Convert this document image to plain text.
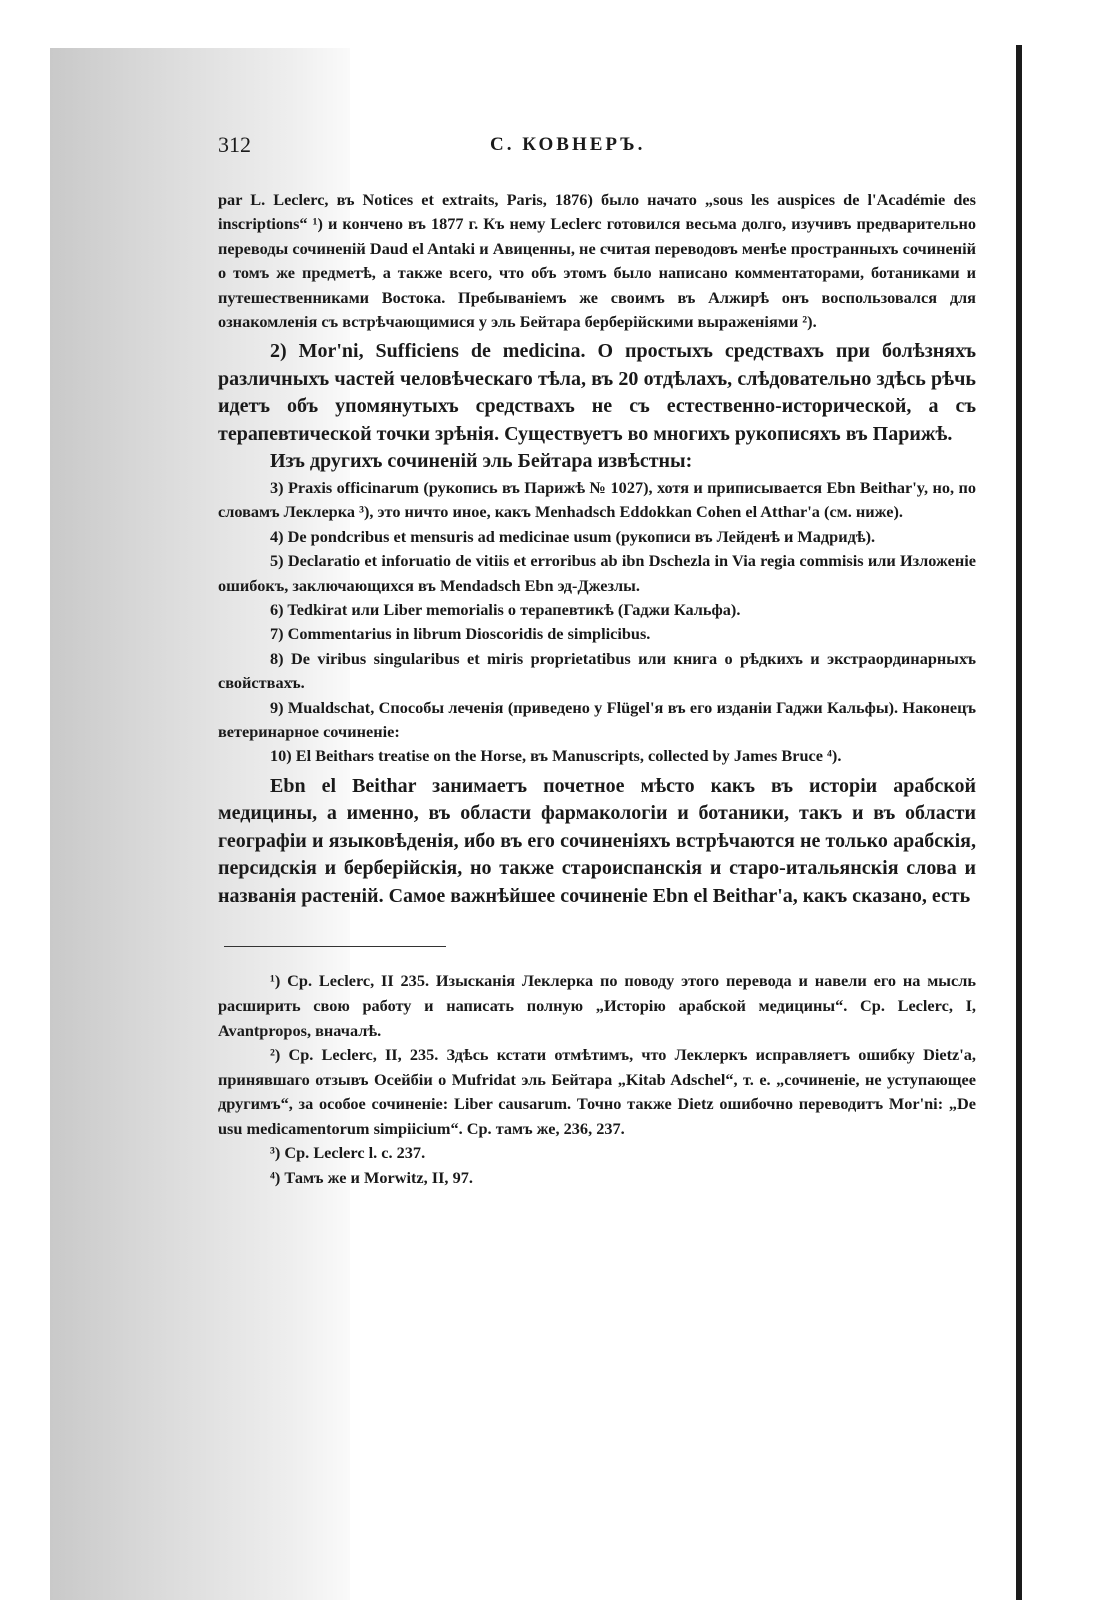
312	С. КОВНЕРЪ.

par L. Leclerc, въ Notices et extraits, Paris, 1876) было начато „sous les auspices de l'Académie des inscriptions“ ¹) и кончено въ 1877 г. Къ нему Leclerc готовился весьма долго, изучивъ предварительно переводы сочиненій Daud el Antaki и Авиценны, не считая переводовъ менѣе пространныхъ сочиненій о томъ же предметѣ, а также всего, что объ этомъ было написано комментаторами, ботаниками и путешественниками Востока. Пребываніемъ же своимъ въ Алжирѣ онъ воспользовался для ознакомленія съ встрѣчающимися у эль Бейтара берберійскими выраженіями ²).

2) Mor'ni, Sufficiens de medicina. О простыхъ средствахъ при болѣзняхъ различныхъ частей человѣческаго тѣла, въ 20 отдѣлахъ, слѣдовательно здѣсь рѣчь идетъ объ упомянутыхъ средствахъ не съ естественно-исторической, а съ терапевтической точки зрѣнія. Существуетъ во многихъ рукописяхъ въ Парижѣ.

Изъ другихъ сочиненій эль Бейтара извѣстны:

3) Praxis officinarum (рукопись въ Парижѣ № 1027), хотя и приписывается Ebn Beithar'y, но, по словамъ Леклерка ³), это ничто иное, какъ Menhadsch Eddokkan Cohen el Atthar'a (см. ниже).

4) De pondcribus et mensuris ad medicinae usum (рукописи въ Лейденѣ и Мадридѣ).

5) Declaratio et inforuatio de vitiis et erroribus ab ibn Dschezla in Via regia commisis или Изложеніе ошибокъ, заключающихся въ Mendadsch Ebn эд-Джезлы.

6) Tedkirat или Liber memorialis о терапевтикѣ (Гаджи Кальфа).

7) Commentarius in librum Dioscoridis de simplicibus.

8) De viribus singularibus et miris proprietatibus или книга о рѣдкихъ и экстраординарныхъ свойствахъ.

9) Mualdschat, Способы леченія (приведено у Flügel'я въ его изданіи Гаджи Кальфы). Наконецъ ветеринарное сочиненіе:

10) El Beithars treatise on the Horse, въ Manuscripts, collected by James Bruce ⁴).

Ebn el Beithar занимаетъ почетное мѣсто какъ въ исторіи арабской медицины, а именно, въ области фармакологіи и ботаники, такъ и въ области географіи и языковѣденія, ибо въ его сочиненіяхъ встрѣчаются не только арабскія, персидскія и берберійскія, но также староиспанскія и старо-итальянскія слова и названія растеній. Самое важнѣйшее сочиненіе Ebn el Beithar'a, какъ сказано, есть

¹) Ср. Leclerc, II 235. Изысканія Леклерка по поводу этого перевода и навели его на мысль расширить свою работу и написать полную „Исторію арабской медицины“. Ср. Leclerc, I, Avantpropos, вначалѣ.

²) Ср. Leclerc, II, 235. Здѣсь кстати отмѣтимъ, что Леклеркъ исправляетъ ошибку Dietz'a, принявшаго отзывъ Осейбіи о Mufridat эль Бейтара „Kitab Adschel“, т. е. „сочиненіе, не уступающее другимъ“, за особое сочиненіе: Liber causarum. Точно также Dietz ошибочно переводитъ Mor'ni: „De usu medicamentorum simpiicium“. Ср. тамъ же, 236, 237.

³) Ср. Leclerc l. c. 237.

⁴) Тамъ же и Morwitz, II, 97.
